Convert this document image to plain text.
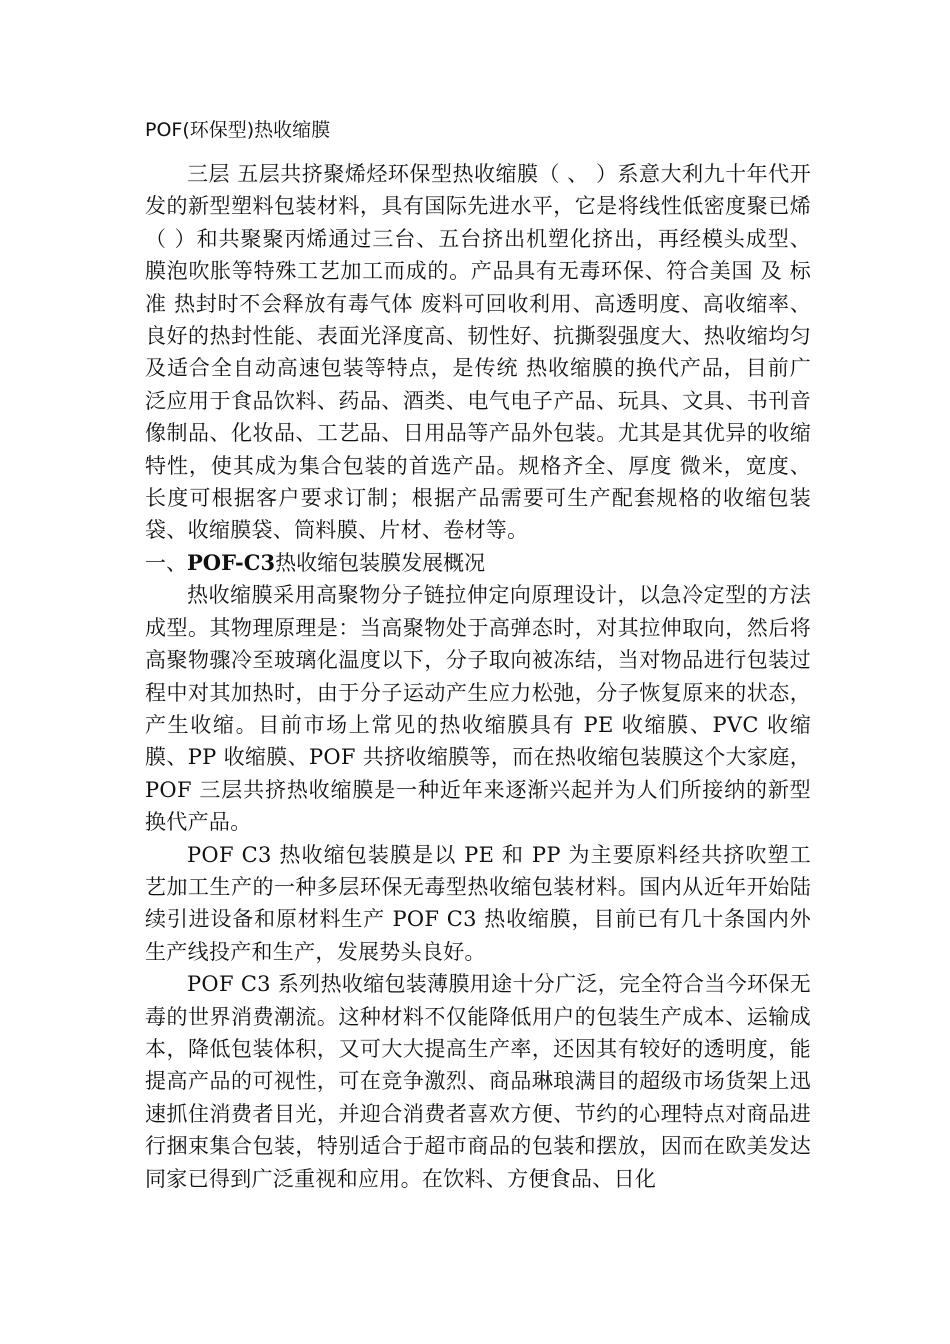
POF(环保型)热收缩膜

三层 五层共挤聚烯烃环保型热收缩膜（ 、 ）系意大利九十年代开发的新型塑料包装材料，具有国际先进水平，它是将线性低密度聚已烯（ ）和共聚聚丙烯通过三台、五台挤出机塑化挤出，再经模头成型、膜泡吹胀等特殊工艺加工而成的。产品具有无毒环保、符合美国 及 标准 热封时不会释放有毒气体 废料可回收利用、高透明度、高收缩率、良好的热封性能、表面光泽度高、韧性好、抗撕裂强度大、热收缩均匀及适合全自动高速包装等特点，是传统 热收缩膜的换代产品，目前广泛应用于食品饮料、药品、酒类、电气电子产品、玩具、文具、书刊音像制品、化妆品、工艺品、日用品等产品外包装。尤其是其优异的收缩特性，使其成为集合包装的首选产品。规格齐全、厚度 微米，宽度、长度可根据客户要求订制；根据产品需要可生产配套规格的收缩包装袋、收缩膜袋、筒料膜、片材、卷材等。

一、POF-C3热收缩包装膜发展概况

热收缩膜采用高聚物分子链拉伸定向原理设计，以急冷定型的方法成型。其物理原理是：当高聚物处于高弹态时，对其拉伸取向，然后将高聚物骤冷至玻璃化温度以下，分子取向被冻结，当对物品进行包装过程中对其加热时，由于分子运动产生应力松弛，分子恢复原来的状态，产生收缩。目前市场上常见的热收缩膜具有 PE 收缩膜、PVC 收缩膜、PP 收缩膜、POF 共挤收缩膜等，而在热收缩包装膜这个大家庭，POF 三层共挤热收缩膜是一种近年来逐渐兴起并为人们所接纳的新型换代产品。

POF C3 热收缩包装膜是以 PE 和 PP 为主要原料经共挤吹塑工艺加工生产的一种多层环保无毒型热收缩包装材料。国内从近年开始陆续引进设备和原材料生产 POF C3 热收缩膜，目前已有几十条国内外生产线投产和生产，发展势头良好。

POF C3 系列热收缩包装薄膜用途十分广泛，完全符合当今环保无毒的世界消费潮流。这种材料不仅能降低用户的包装生产成本、运输成本，降低包装体积，又可大大提高生产率，还因其有较好的透明度，能提高产品的可视性，可在竞争激烈、商品琳琅满目的超级市场货架上迅速抓住消费者目光，并迎合消费者喜欢方便、节约的心理特点对商品进行捆束集合包装，特别适合于超市商品的包装和摆放，因而在欧美发达同家已得到广泛重视和应用。在饮料、方便食品、日化
